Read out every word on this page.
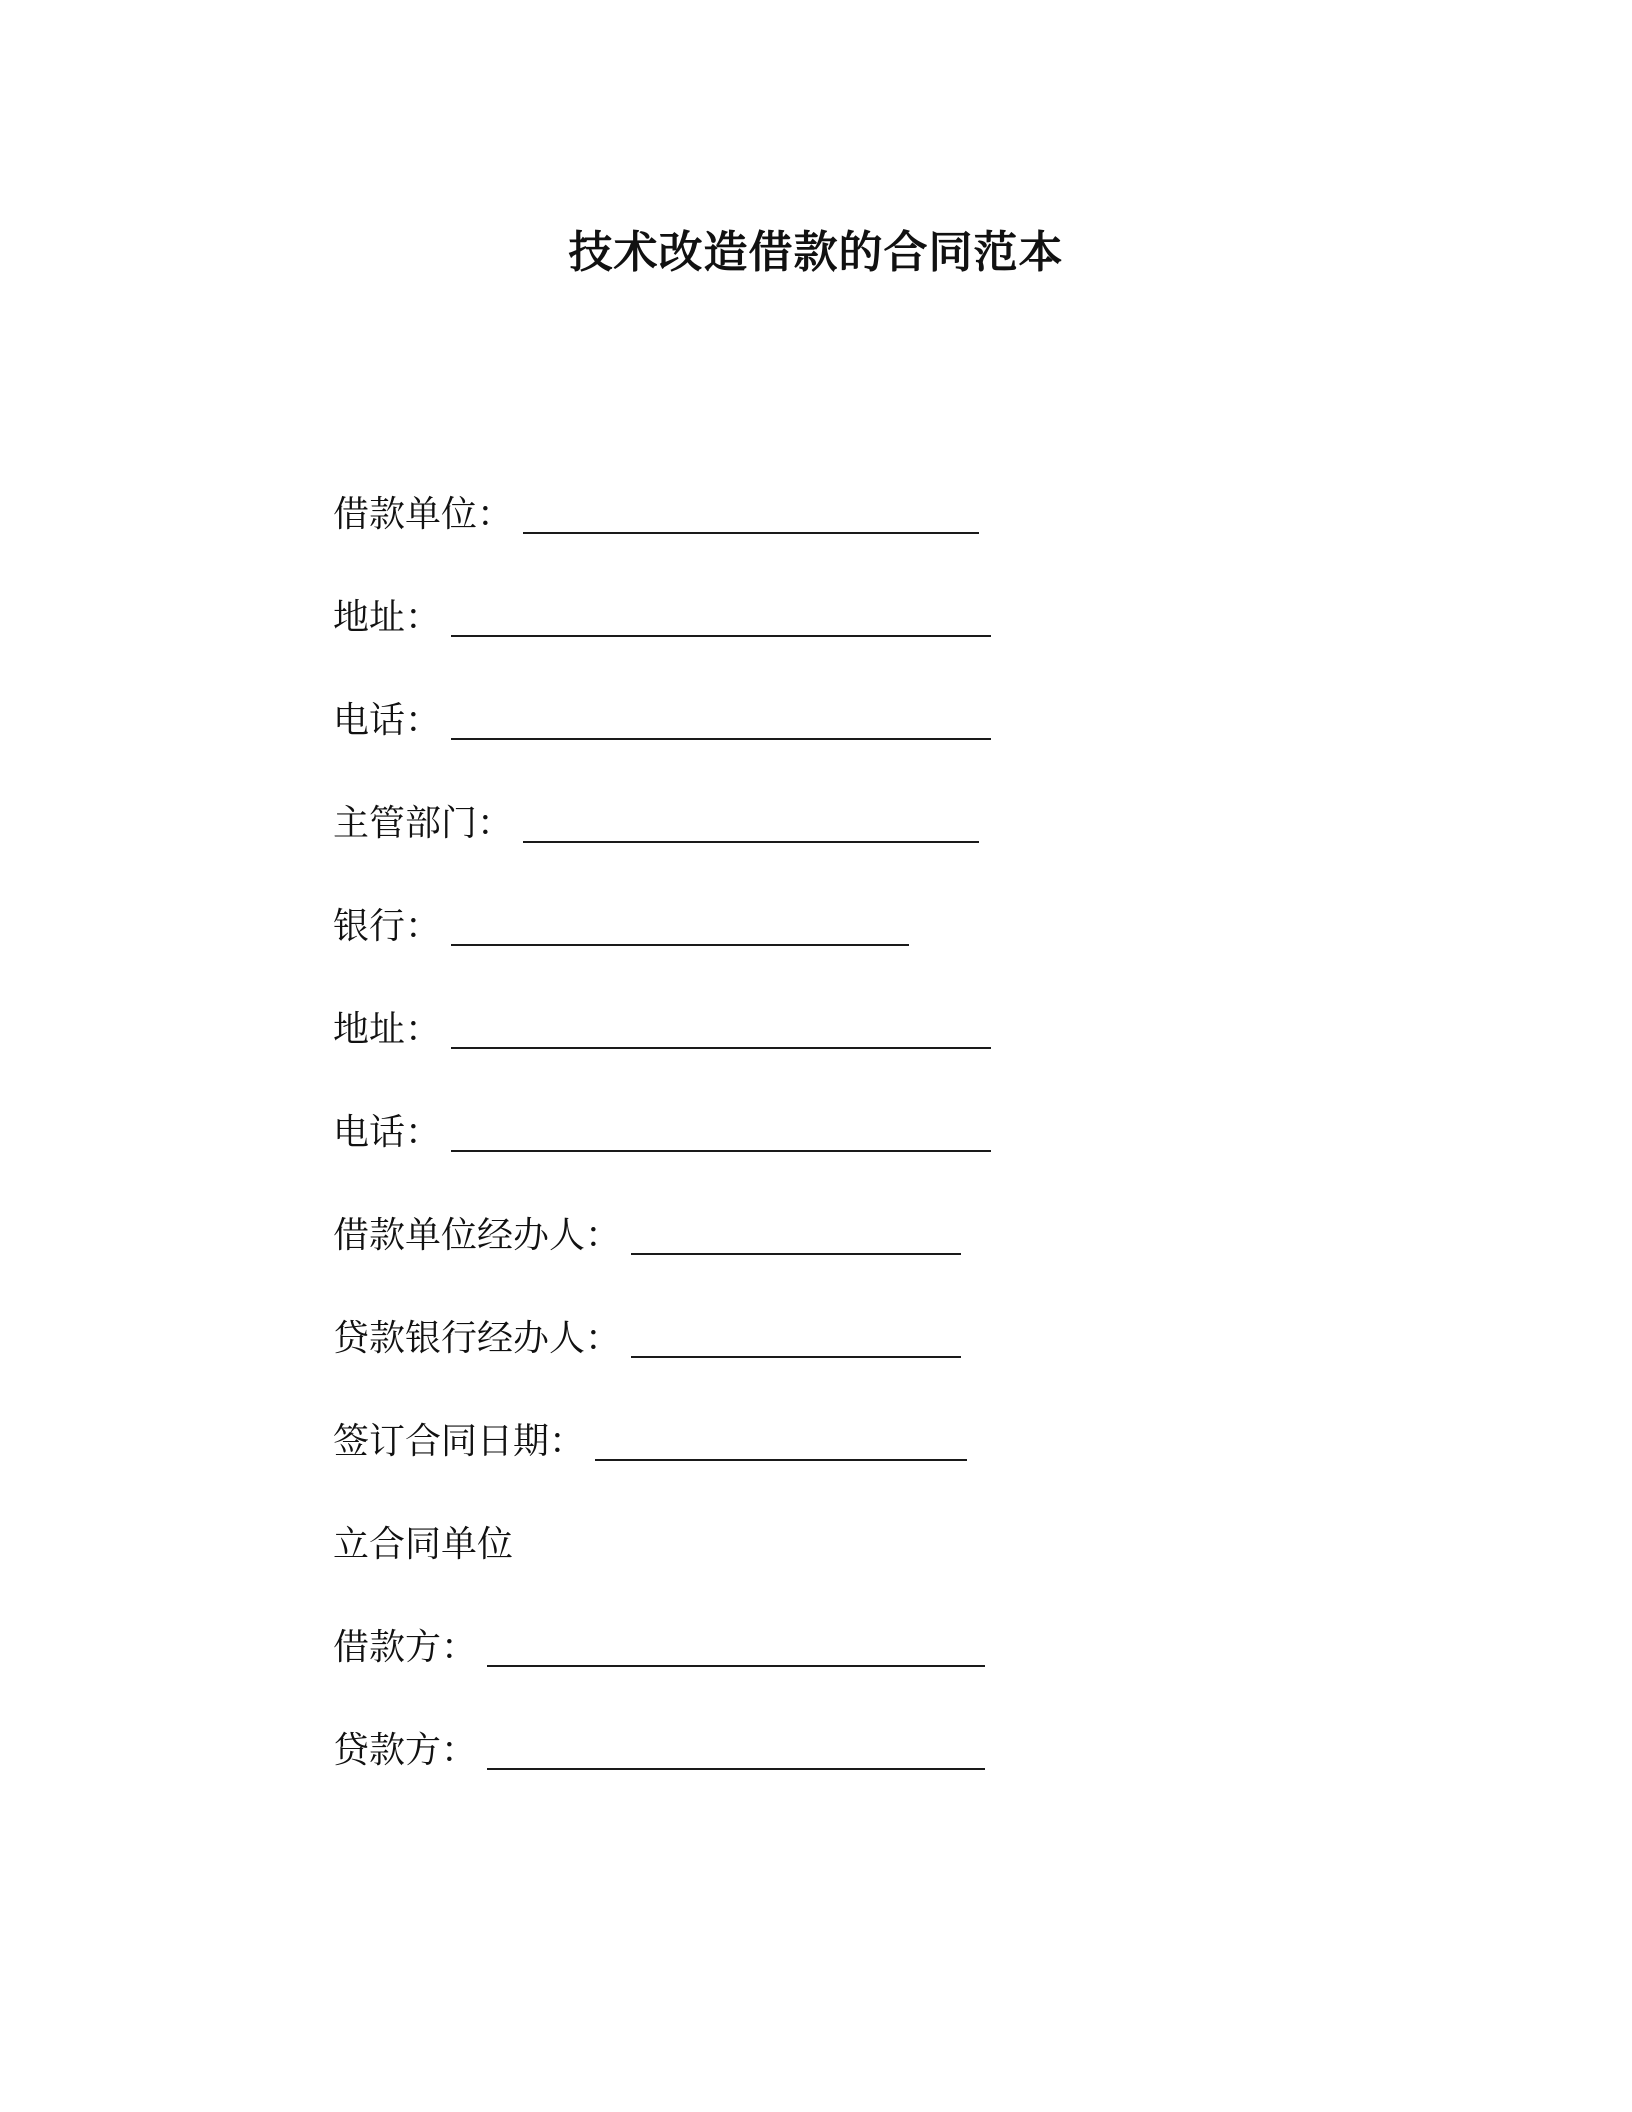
技术改造借款的合同范本
借款单位：
地址：
电话：
主管部门：
银行：
地址：
电话：
借款单位经办人：
贷款银行经办人：
签订合同日期：
立合同单位
借款方：
贷款方：
